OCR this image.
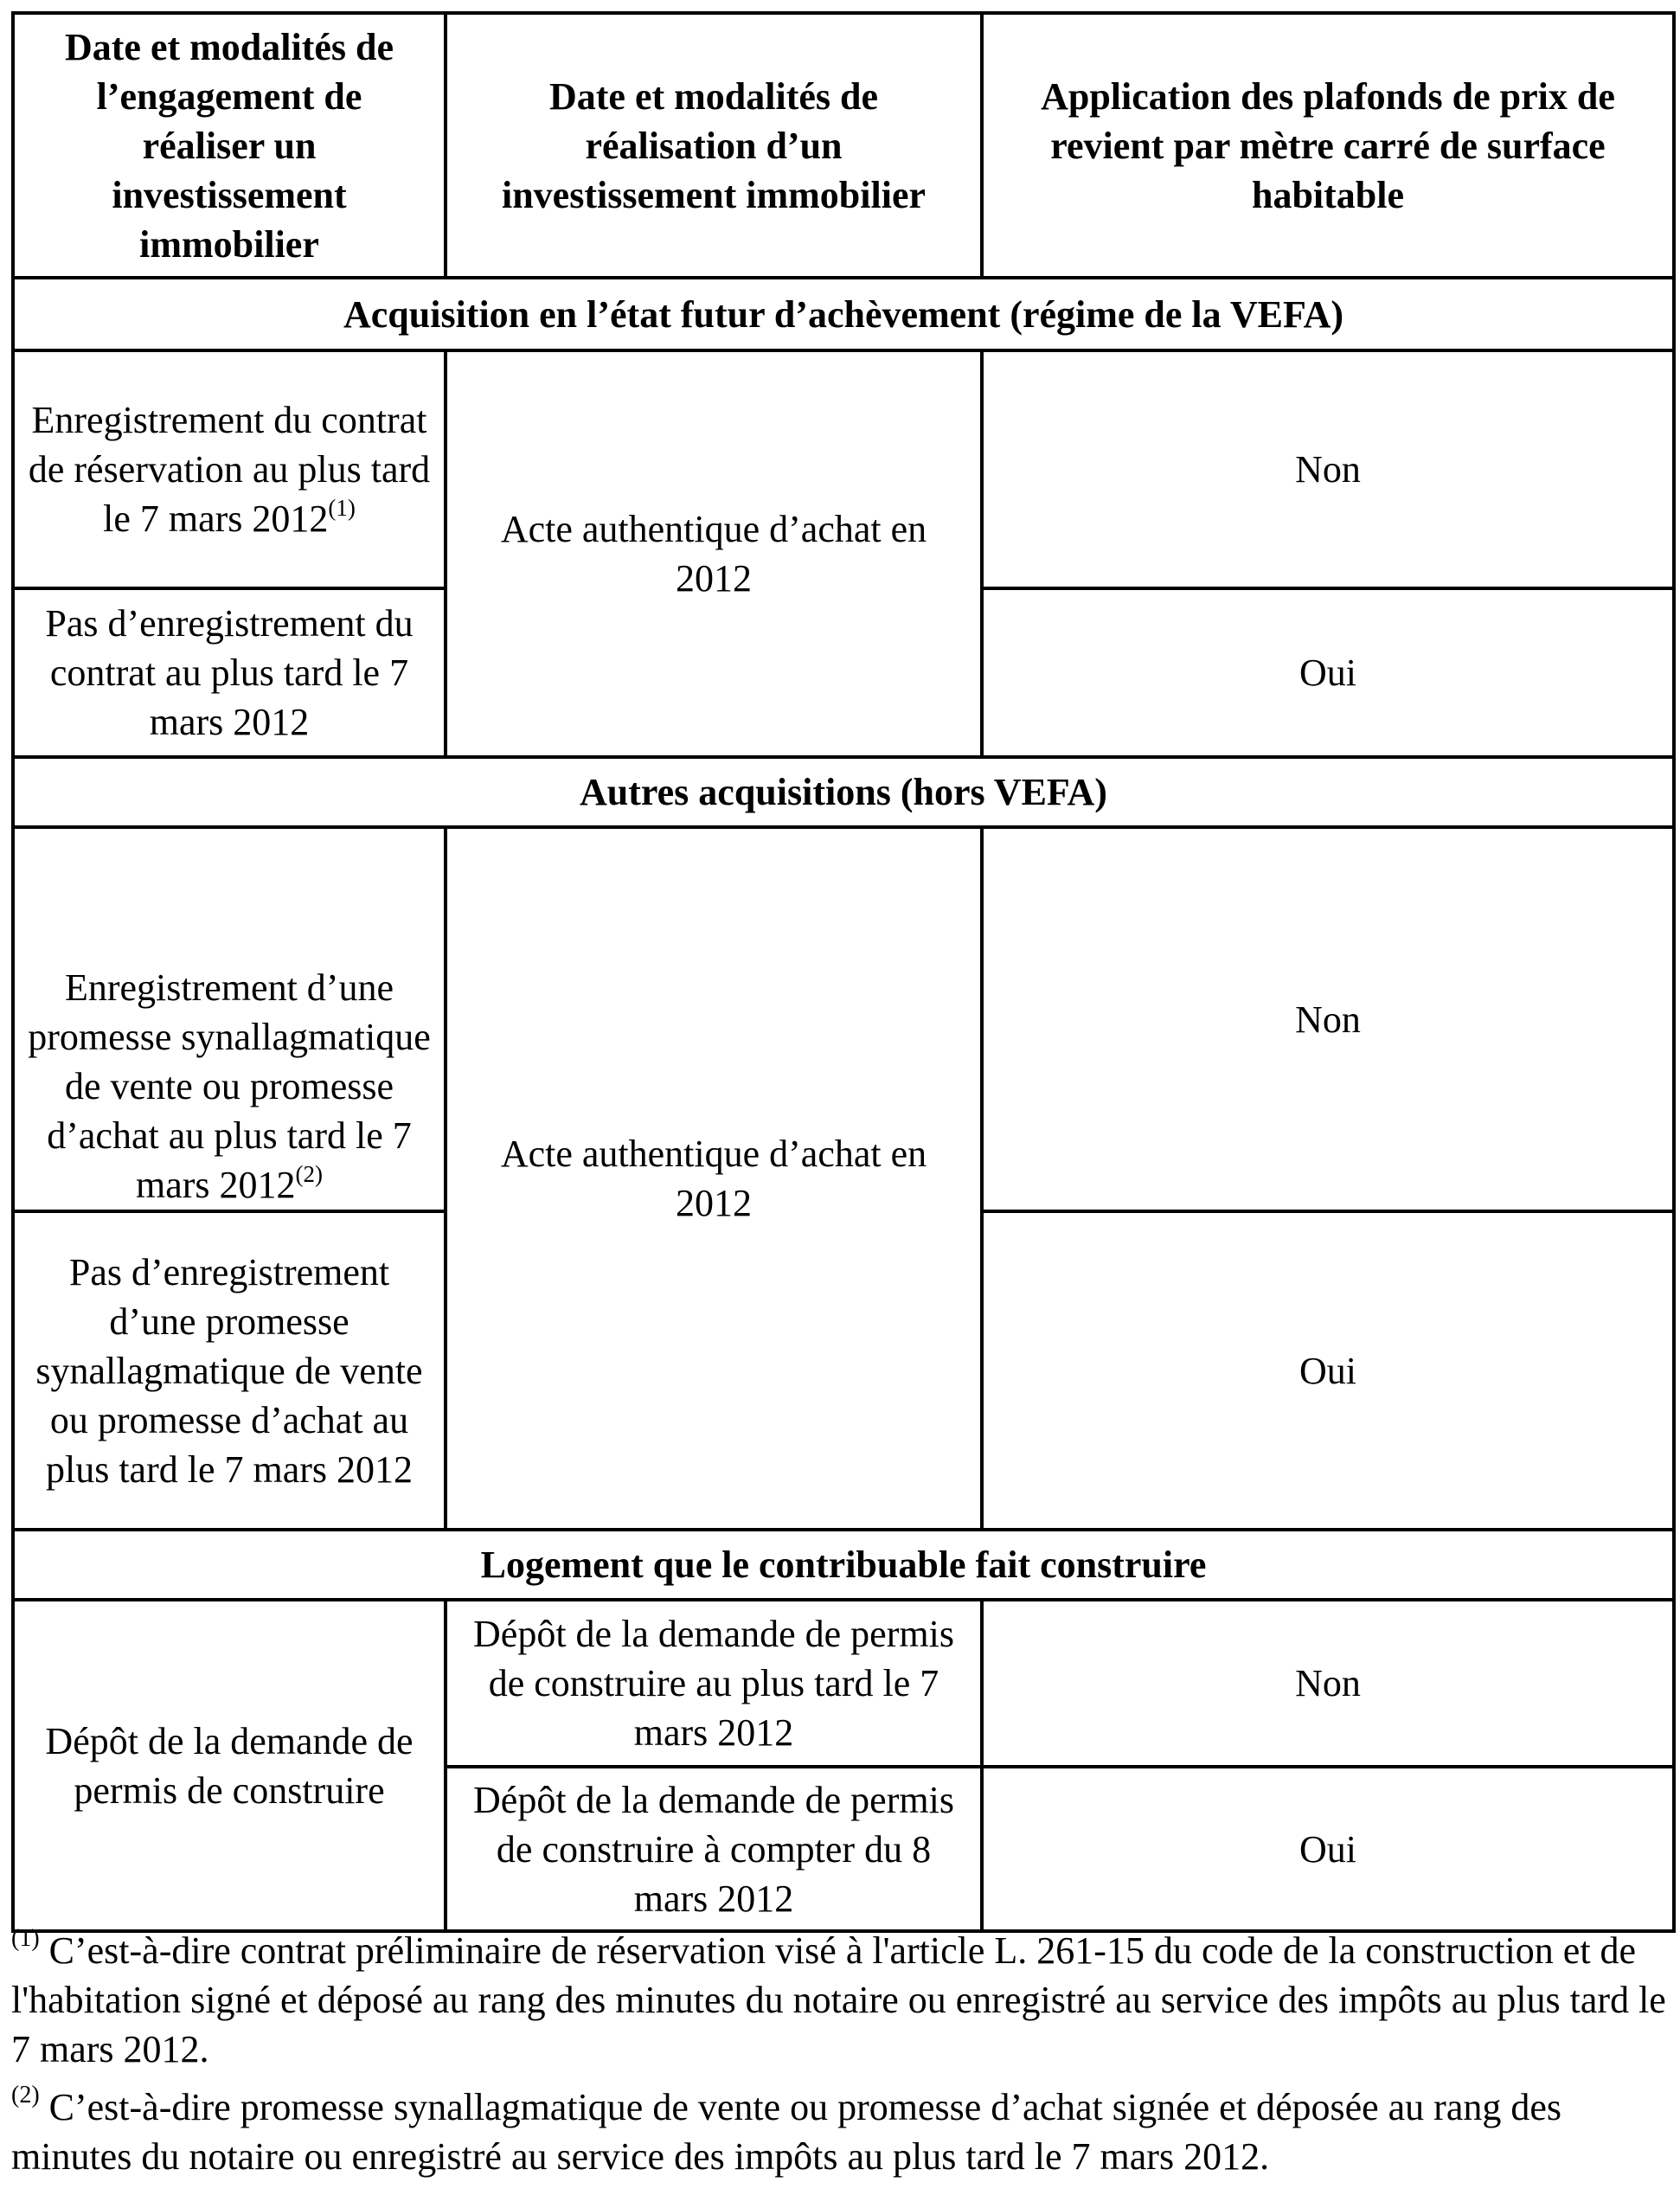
Date et modalités de l’engagement de réaliser un investissement immobilier	Date et modalités de réalisation d’un investissement immobilier	Application des plafonds de prix de revient par mètre carré de surface habitable
Acquisition en l’état futur d’achèvement (régime de la VEFA)		
Enregistrement du contrat de réservation au plus tard le 7 mars 2012$^{(1)}$	Acte authentique d’achat en 2012	Non
Pas d’enregistrement du contrat au plus tard le 7 mars 2012		Oui
Autres acquisitions (hors VEFA)		
Enregistrement d’une promesse synallagmatique de vente ou promesse d’achat au plus tard le 7 mars 2012$^{(2)}$	Acte authentique d’achat en 2012	Non
Pas d’enregistrement d’une promesse synallagmatique de vente ou promesse d’achat au plus tard le 7 mars 2012		Oui
Logement que le contribuable fait construire		
Dépôt de la demande de permis de construire	Dépôt de la demande de permis de construire au plus tard le 7 mars 2012	Non
	Dépôt de la demande de permis de construire à compter du 8 mars 2012	Oui

$^{(1)}$ C’est-à-dire contrat préliminaire de réservation visé à l'article L. 261-15 du code de la construction et de l'habitation signé et déposé au rang des minutes du notaire ou enregistré au service des impôts au plus tard le 7 mars 2012.

$^{(2)}$ C’est-à-dire promesse synallagmatique de vente ou promesse d’achat signée et déposée au rang des minutes du notaire ou enregistré au service des impôts au plus tard le 7 mars 2012.
